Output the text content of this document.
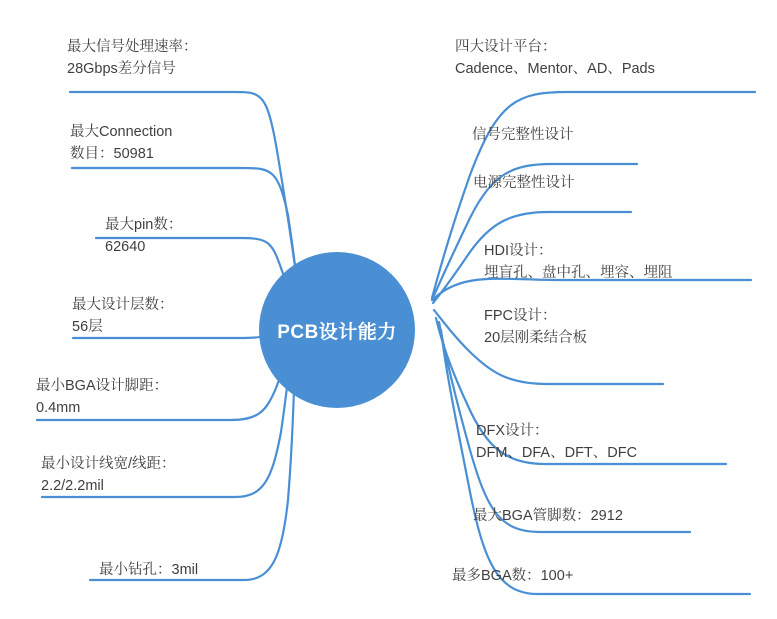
PCB设计能力
最大信号处理速率：
28Gbps差分信号
最大Connection
数目：50981
最大pin数：
62640
最大设计层数：
56层
最小BGA设计脚距：
0.4mm
最小设计线宽/线距：
2.2/2.2mil
最小钻孔：3mil
四大设计平台：
Cadence、Mentor、AD、Pads
信号完整性设计
电源完整性设计
HDI设计：
埋盲孔、盘中孔、埋容、埋阻
FPC设计：
20层刚柔结合板
DFX设计：
DFM、DFA、DFT、DFC
最大BGA管脚数：2912
最多BGA数：100+
